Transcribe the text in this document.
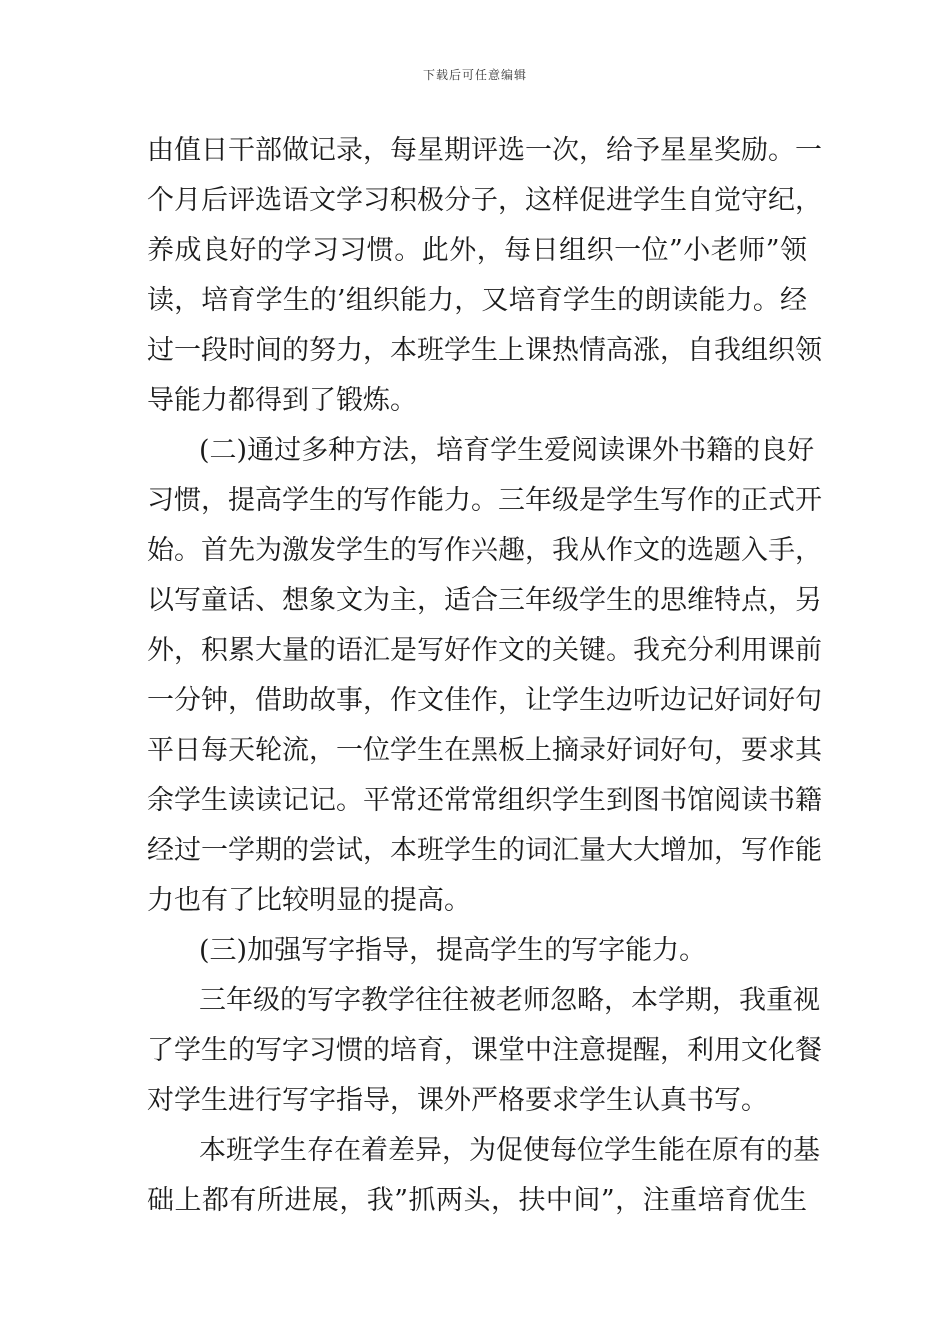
下载后可任意编辑
由值日干部做记录，每星期评选一次，给予星星奖励。一
个月后评选语文学习积极分子，这样促进学生自觉守纪，
养成良好的学习习惯。此外，每日组织一位”小老师”领
读，培育学生的’组织能力，又培育学生的朗读能力。经
过一段时间的努力，本班学生上课热情高涨，自我组织领
导能力都得到了锻炼。
(二)通过多种方法，培育学生爱阅读课外书籍的良好
习惯，提高学生的写作能力。三年级是学生写作的正式开
始。首先为激发学生的写作兴趣，我从作文的选题入手，
以写童话、想象文为主，适合三年级学生的思维特点，另
外，积累大量的语汇是写好作文的关键。我充分利用课前
一分钟，借助故事，作文佳作，让学生边听边记好词好句
平日每天轮流，一位学生在黑板上摘录好词好句，要求其
余学生读读记记。平常还常常组织学生到图书馆阅读书籍
经过一学期的尝试，本班学生的词汇量大大增加，写作能
力也有了比较明显的提高。
(三)加强写字指导，提高学生的写字能力。
三年级的写字教学往往被老师忽略，本学期，我重视
了学生的写字习惯的培育，课堂中注意提醒，利用文化餐
对学生进行写字指导，课外严格要求学生认真书写。
本班学生存在着差异，为促使每位学生能在原有的基
础上都有所进展，我”抓两头，扶中间”，注重培育优生
